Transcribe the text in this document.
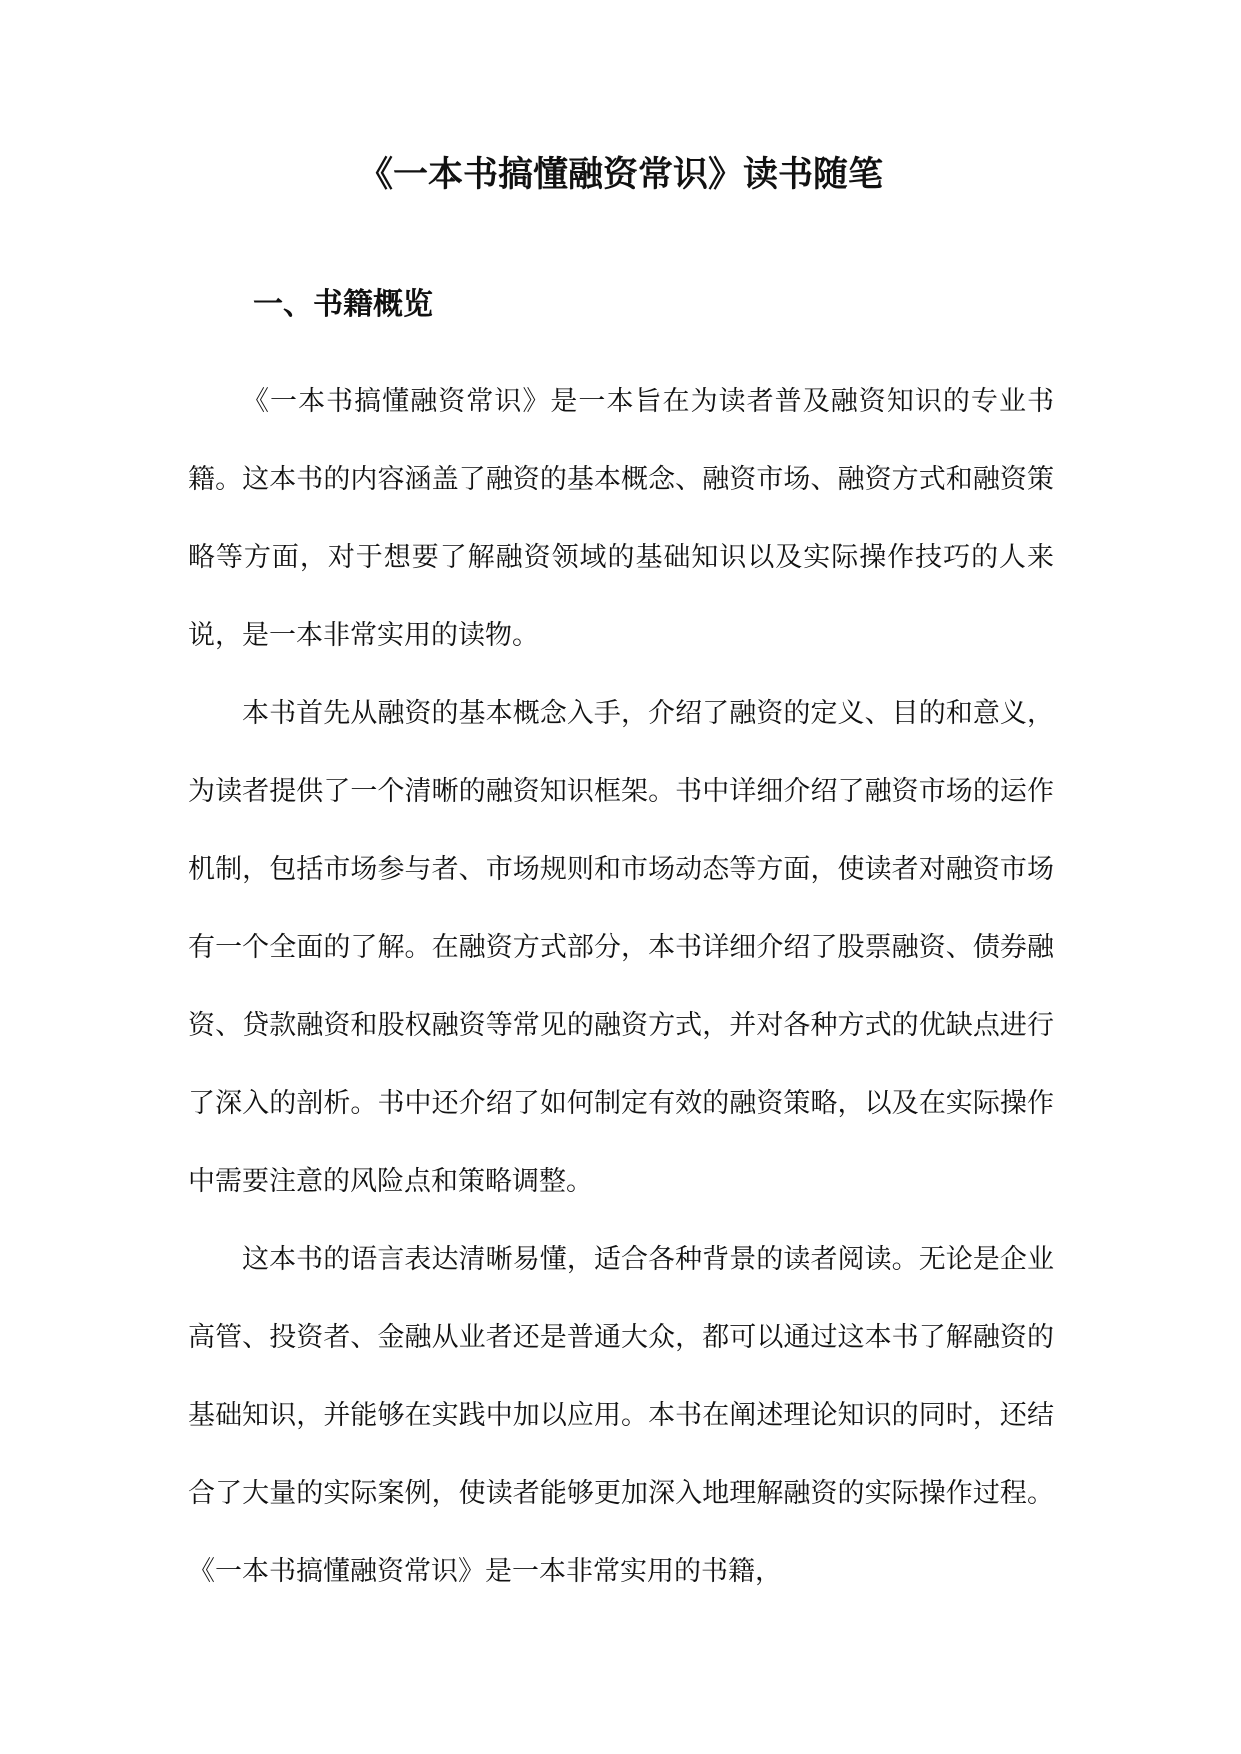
《一本书搞懂融资常识》读书随笔
一、书籍概览

《一本书搞懂融资常识》是一本旨在为读者普及融资知识的专业书籍。这本书的内容涵盖了融资的基本概念、融资市场、融资方式和融资策略等方面，对于想要了解融资领域的基础知识以及实际操作技巧的人来说，是一本非常实用的读物。

本书首先从融资的基本概念入手，介绍了融资的定义、目的和意义，为读者提供了一个清晰的融资知识框架。书中详细介绍了融资市场的运作机制，包括市场参与者、市场规则和市场动态等方面，使读者对融资市场有一个全面的了解。在融资方式部分，本书详细介绍了股票融资、债券融资、贷款融资和股权融资等常见的融资方式，并对各种方式的优缺点进行了深入的剖析。书中还介绍了如何制定有效的融资策略，以及在实际操作中需要注意的风险点和策略调整。

这本书的语言表达清晰易懂，适合各种背景的读者阅读。无论是企业高管、投资者、金融从业者还是普通大众，都可以通过这本书了解融资的基础知识，并能够在实践中加以应用。本书在阐述理论知识的同时，还结合了大量的实际案例，使读者能够更加深入地理解融资的实际操作过程。《一本书搞懂融资常识》是一本非常实用的书籍，
